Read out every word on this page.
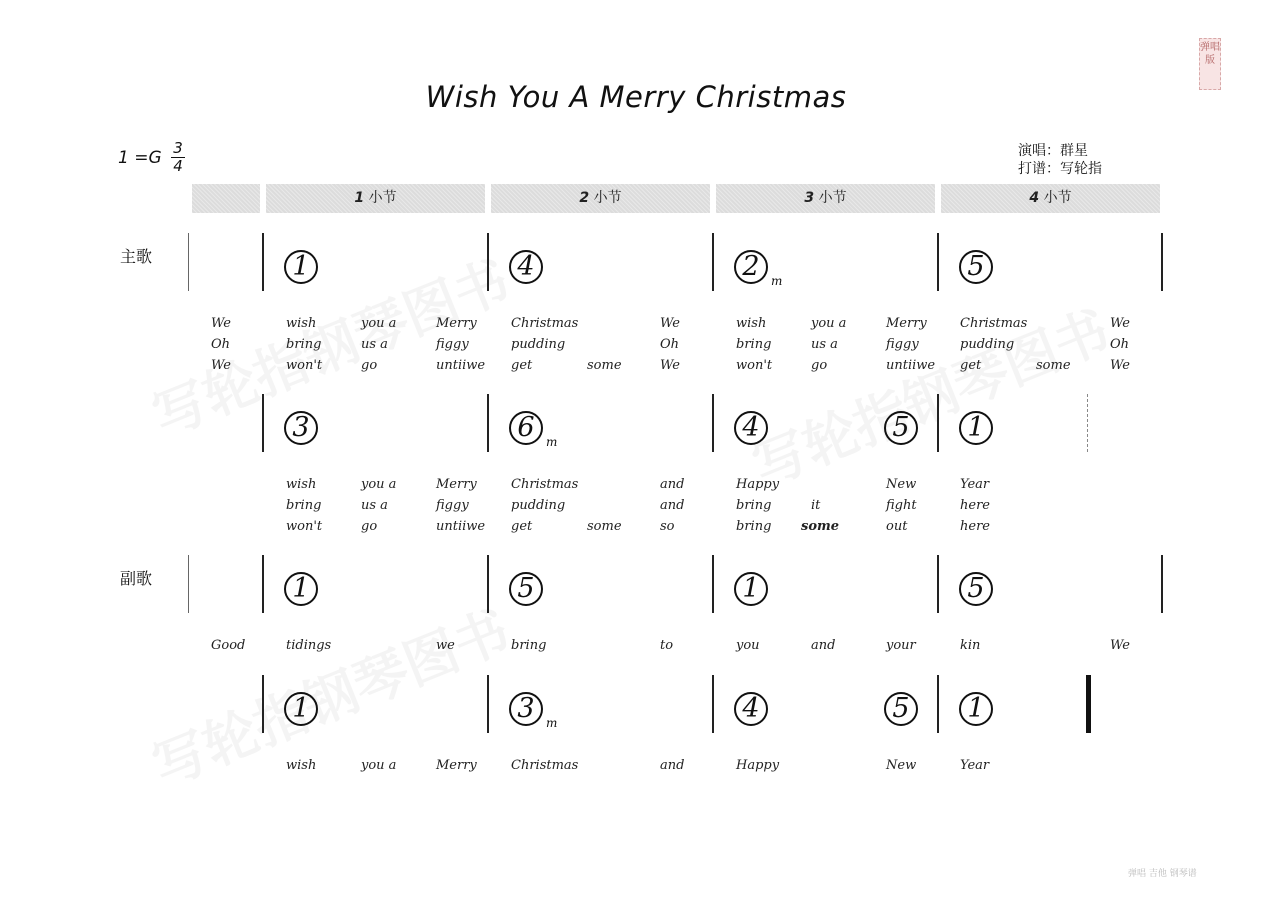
弹唱版
Wish You A Merry Christmas
1 =G 3
4
演唱：群星
打谱：写轮指
1 小节	2 小节	3 小节	4 小节
主歌
副歌
1	4	2 m	5
We	wish	you a	Merry	Christmas	We	wish	you a	Merry	Christmas	We
Oh	bring	us a	figgy	pudding	Oh	bring	us a	figgy	pudding	Oh
We	won't	go	untiiwe get	some	We	won't	go	untiiwe get	some	We
3	6 m	4	5	1
wish	you a	Merry	Christmas	and	Happy	New	Year
bring	us a	figgy	pudding	and	bring	it	fight	here
won't	go	untiiwe get	some	so	bring some	out	here
1	5	1	5
Good	tidings	we	bring	to	you	and	your	kin	We
1	3 m	4	5	1
wish	you a	Merry	Christmas	and	Happy	New	Year
弹唱 吉他 钢琴谱
